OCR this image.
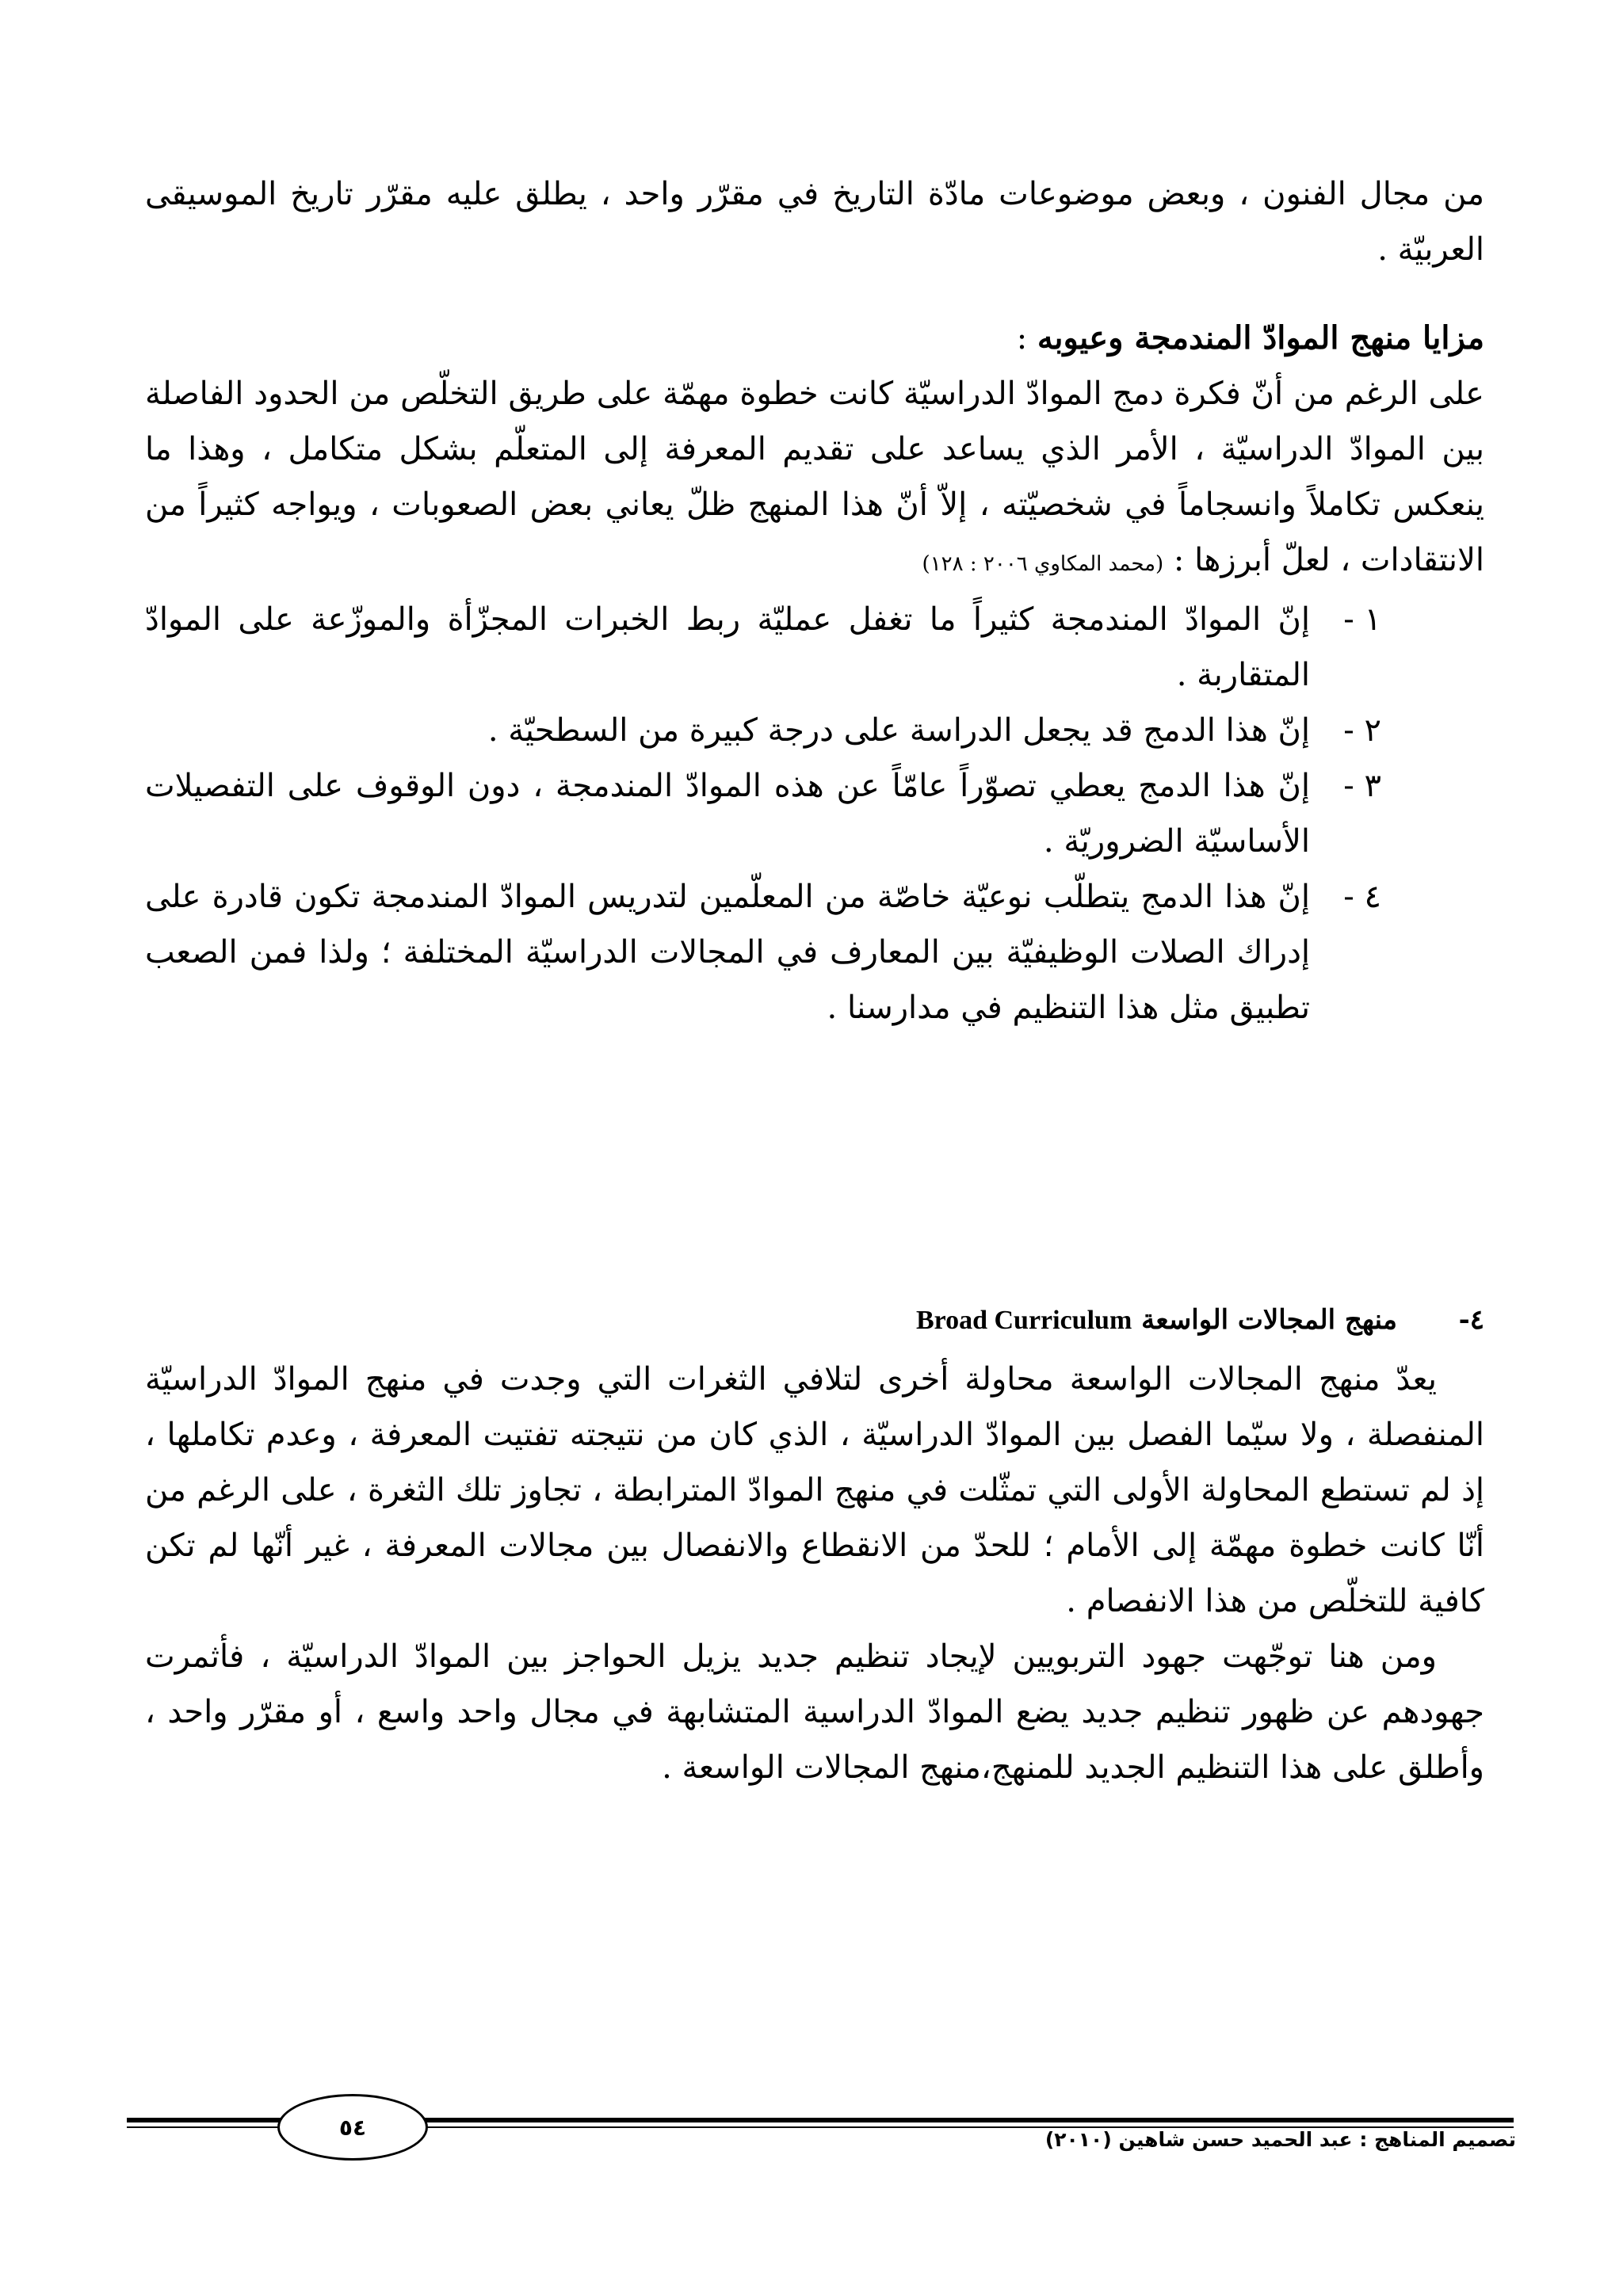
من مجال الفنون ، وبعض موضوعات مادّة التاريخ في مقرّر واحد ، يطلق عليه مقرّر تاريخ الموسيقى العربيّة .

مزايا منهج الموادّ المندمجة وعيوبه :

على الرغم من أنّ فكرة دمج الموادّ الدراسيّة كانت خطوة مهمّة على طريق التخلّص من الحدود الفاصلة بين الموادّ الدراسيّة ، الأمر الذي يساعد على تقديم المعرفة إلى المتعلّم بشكل متكامل ، وهذا ما ينعكس تكاملاً وانسجاماً في شخصيّته ، إلاّ أنّ هذا المنهج ظلّ يعاني بعض الصعوبات ، ويواجه كثيراً من الانتقادات ، لعلّ أبرزها : (محمد المكاوي ٢٠٠٦ : ١٢٨)

١ -
إنّ الموادّ المندمجة كثيراً ما تغفل عمليّة ربط الخبرات المجزّأة والموزّعة على الموادّ المتقاربة .
٢ -
إنّ هذا الدمج قد يجعل الدراسة على درجة كبيرة من السطحيّة .
٣ -
إنّ هذا الدمج يعطي تصوّراً عامّاً عن هذه الموادّ المندمجة ، دون الوقوف على التفصيلات الأساسيّة الضروريّة .
٤ -
إنّ هذا الدمج يتطلّب نوعيّة خاصّة من المعلّمين لتدريس الموادّ المندمجة تكون قادرة على إدراك الصلات الوظيفيّة بين المعارف في المجالات الدراسيّة المختلفة ؛ ولذا فمن الصعب تطبيق مثل هذا التنظيم في مدارسنا .
٤-
منهج المجالات الواسعة Broad Curriculum

يعدّ منهج المجالات الواسعة محاولة أخرى لتلافي الثغرات التي وجدت في منهج الموادّ الدراسيّة المنفصلة ، ولا سيّما الفصل بين الموادّ الدراسيّة ، الذي كان من نتيجته تفتيت المعرفة ، وعدم تكاملها ، إذ لم تستطع المحاولة الأولى التي تمثّلت في منهج الموادّ المترابطة ، تجاوز تلك الثغرة ، على الرغم من أنّا كانت خطوة مهمّة إلى الأمام ؛ للحدّ من الانقطاع والانفصال بين مجالات المعرفة ، غير أنّها لم تكن كافية للتخلّص من هذا الانفصام .

ومن هنا توجّهت جهود التربويين لإيجاد تنظيم جديد يزيل الحواجز بين الموادّ الدراسيّة ، فأثمرت جهودهم عن ظهور تنظيم جديد يضع الموادّ الدراسية المتشابهة في مجال واحد واسع ، أو مقرّر واحد ، وأطلق على هذا التنظيم الجديد للمنهج،منهج المجالات الواسعة .

٥٤	تصميم المناهج : عبد الحميد حسن شاهين (٢٠١٠)
